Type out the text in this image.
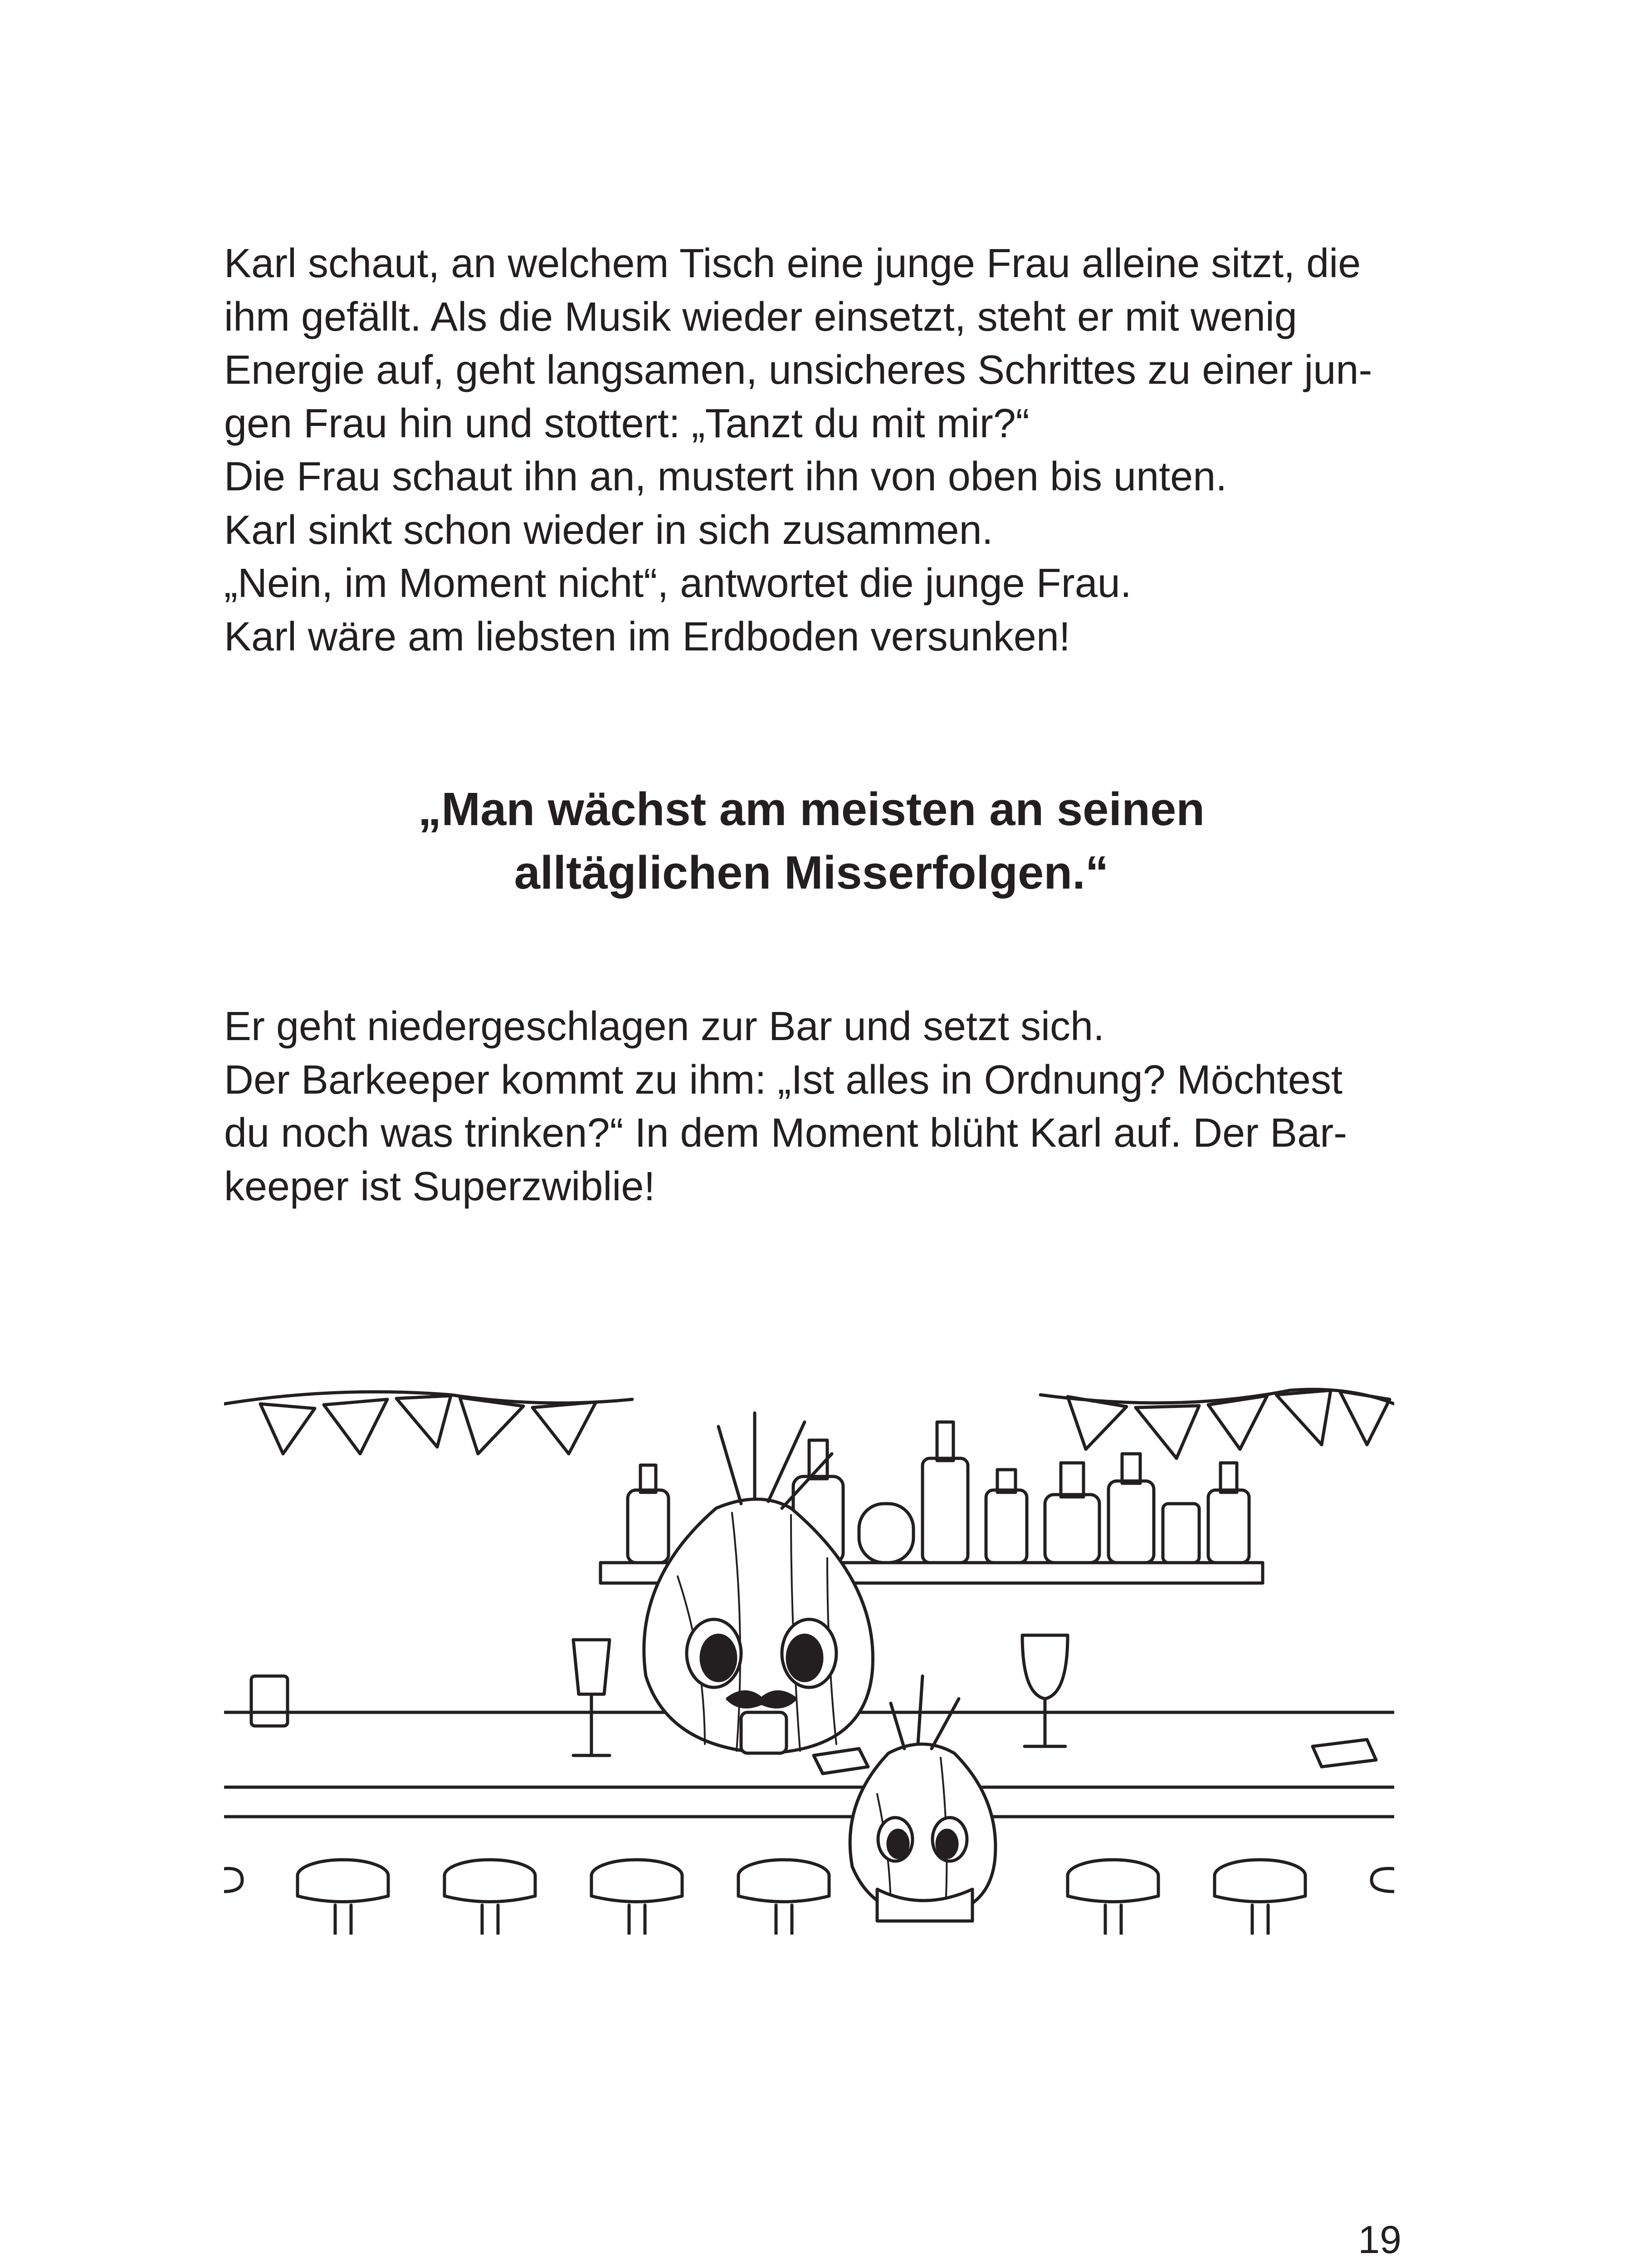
Karl schaut, an welchem Tisch eine junge Frau alleine sitzt, die
ihm gefällt. Als die Musik wieder einsetzt, steht er mit wenig
Energie auf, geht langsamen, unsicheres Schrittes zu einer jun-
gen Frau hin und stottert: „Tanzt du mit mir?“
Die Frau schaut ihn an, mustert ihn von oben bis unten.
Karl sinkt schon wieder in sich zusammen.
„Nein, im Moment nicht“, antwortet die junge Frau.
Karl wäre am liebsten im Erdboden versunken!
„Man wächst am meisten an seinen
alltäglichen Misserfolgen.“
Er geht niedergeschlagen zur Bar und setzt sich.
Der Barkeeper kommt zu ihm: „Ist alles in Ordnung? Möchtest
du noch was trinken?“ In dem Moment blüht Karl auf. Der Bar-
keeper ist Superzwiblie!
19
